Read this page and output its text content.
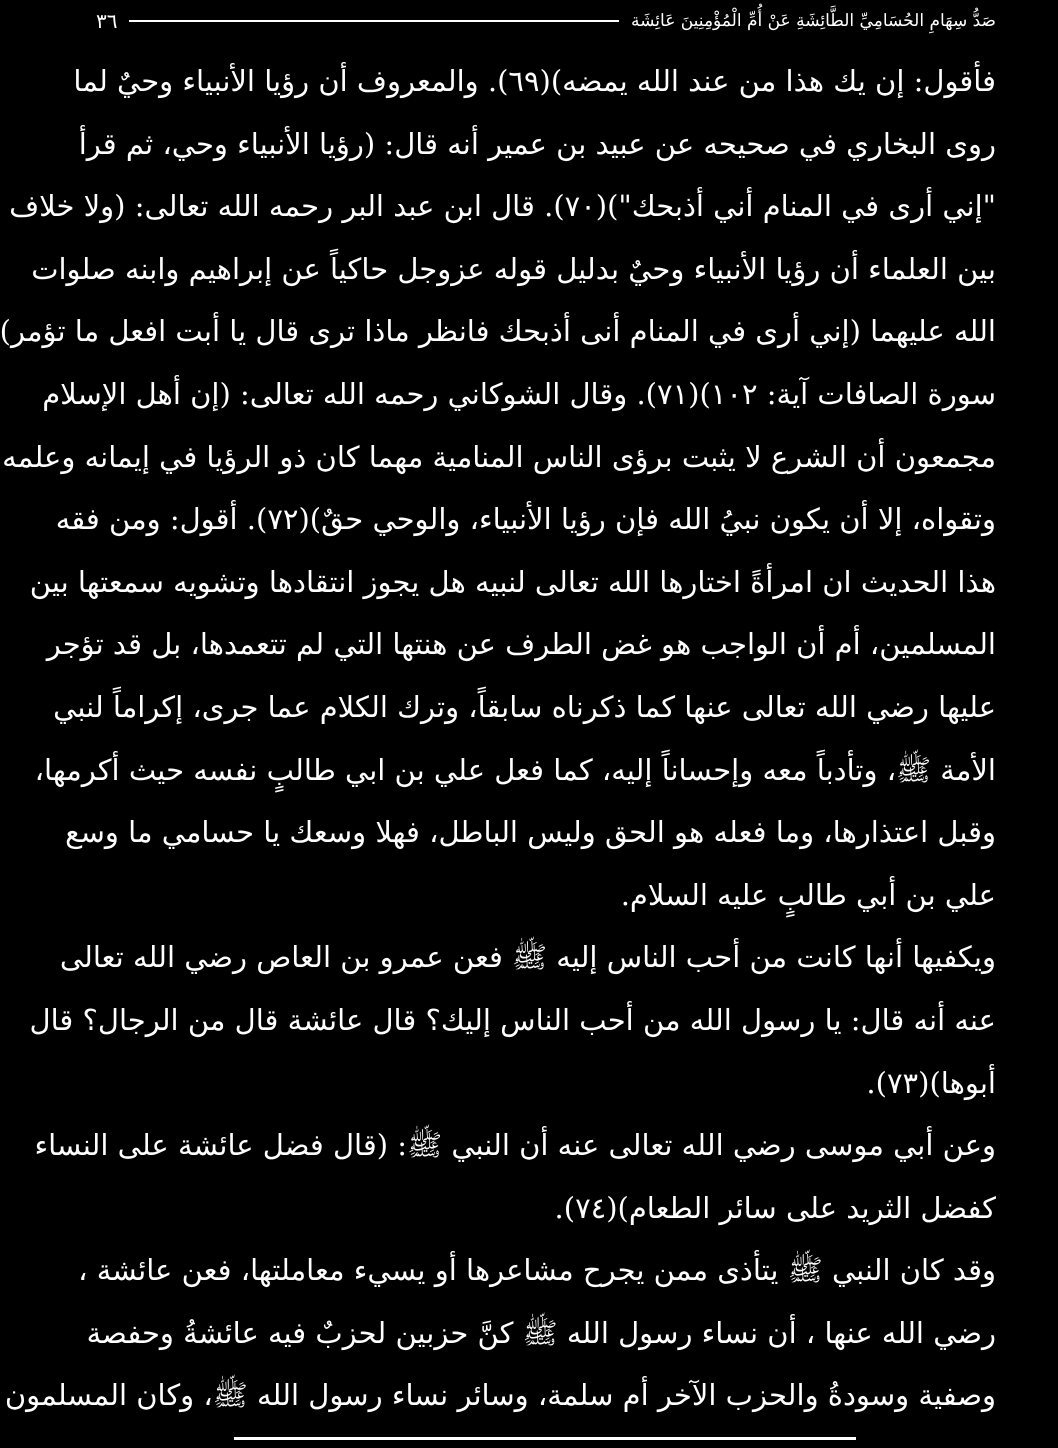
صَدُّ سِهَامِ الحُسَامِيِّ الطَّائِشَةِ عَنْ أُمِّ الْمُؤْمِنِينَ عَائِشَة
٣٦
فأقول: إن يك هذا من عند الله يمضه)(٦٩). والمعروف أن رؤيا الأنبياء وحيٌ لما
روى البخاري في صحيحه عن عبيد بن عمير أنه قال: (رؤيا الأنبياء وحي، ثم قرأ
"إني أرى في المنام أني أذبحك")(٧٠). قال ابن عبد البر رحمه الله تعالى: (ولا خلاف
بين العلماء أن رؤيا الأنبياء وحيٌ بدليل قوله عزوجل حاكياً عن إبراهيم وابنه صلوات
الله عليهما (إني أرى في المنام أنى أذبحك فانظر ماذا ترى قال يا أبت افعل ما تؤمر)
سورة الصافات آية: ١٠٢)(٧١). وقال الشوكاني رحمه الله تعالى: (إن أهل الإسلام
مجمعون أن الشرع لا يثبت برؤى الناس المنامية مهما كان ذو الرؤيا في إيمانه وعلمه
وتقواه، إلا أن يكون نبيُ الله فإن رؤيا الأنبياء، والوحي حقٌ)(٧٢). أقول: ومن فقه
هذا الحديث ان امرأةً اختارها الله تعالى لنبيه هل يجوز انتقادها وتشويه سمعتها بين
المسلمين، أم أن الواجب هو غض الطرف عن هنتها التي لم تتعمدها، بل قد تؤجر
عليها رضي الله تعالى عنها كما ذكرناه سابقاً، وترك الكلام عما جرى، إكراماً لنبي
الأمة ﷺ، وتأدباً معه وإحساناً إليه، كما فعل علي بن ابي طالبٍ نفسه حيث أكرمها،
وقبل اعتذارها، وما فعله هو الحق وليس الباطل، فهلا وسعك يا حسامي ما وسع
علي بن أبي طالبٍ عليه السلام.
ويكفيها أنها كانت من أحب الناس إليه ﷺ فعن عمرو بن العاص رضي الله تعالى
عنه أنه قال: يا رسول الله من أحب الناس إليك؟ قال عائشة قال من الرجال؟ قال
أبوها)(٧٣).
وعن أبي موسى رضي الله تعالى عنه أن النبي ﷺ: (قال فضل عائشة على النساء
كفضل الثريد على سائر الطعام)(٧٤).
وقد كان النبي ﷺ يتأذى ممن يجرح مشاعرها أو يسيء معاملتها، فعن عائشة ،
رضي الله عنها ، أن نساء رسول الله ﷺ كنَّ حزبين لحزبٌ فيه عائشةُ وحفصة
وصفية وسودةُ والحزب الآخر أم سلمة، وسائر نساء رسول الله ﷺ، وكان المسلمون
